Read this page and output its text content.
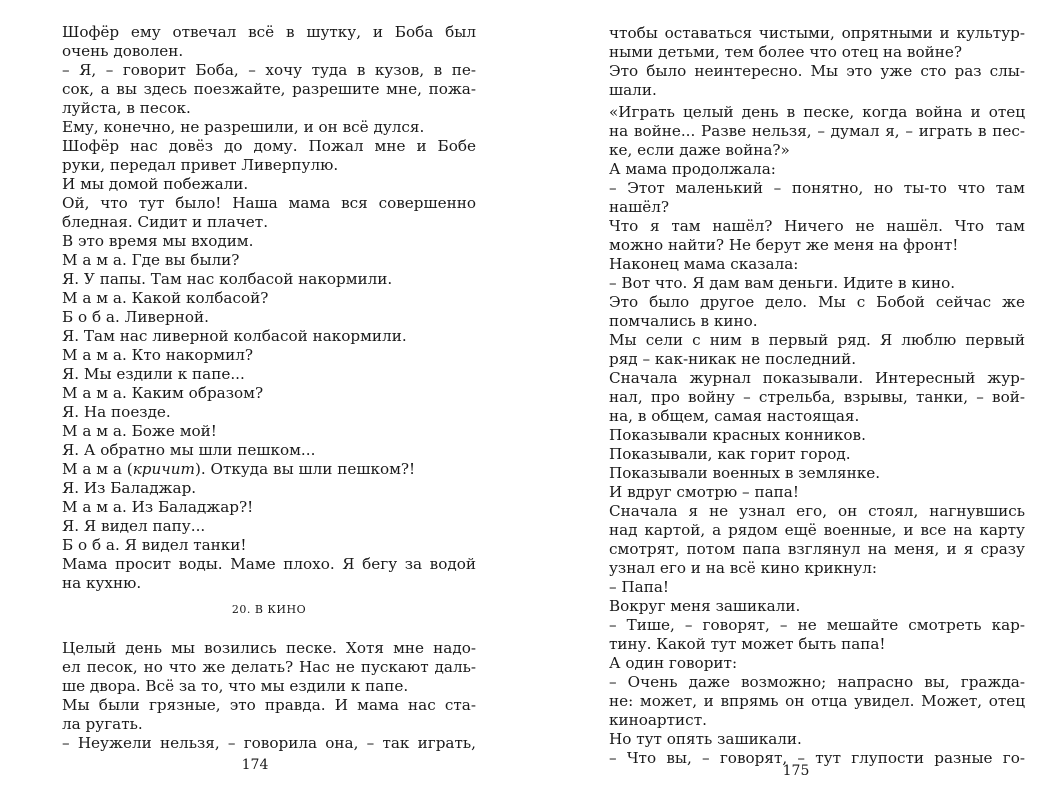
Шофёр ему отвечал всё в шутку, и Боба был
очень доволен.
– Я, – говорит Боба, – хочу туда в кузов, в пе-
сок, а вы здесь поезжайте, разрешите мне, пожа-
луйста, в песок.
Ему, конечно, не разрешили, и он всё дулся.
Шофёр нас довёз до дому. Пожал мне и Бобе
руки, передал привет Ливерпулю.
И мы домой побежали.
Ой, что тут было! Наша мама вся совершенно
бледная. Сидит и плачет.
В это время мы входим.
М а м а. Где вы были?
Я. У папы. Там нас колбасой накормили.
М а м а. Какой колбасой?
Б о б а. Ливерной.
Я. Там нас ливерной колбасой накормили.
М а м а. Кто накормил?
Я. Мы ездили к папе...
М а м а. Каким образом?
Я. На поезде.
М а м а. Боже мой!
Я. А обратно мы шли пешком...
М а м а (кричит). Откуда вы шли пешком?!
Я. Из Баладжар.
М а м а. Из Баладжар?!
Я. Я видел папу...
Б о б а. Я видел танки!
Мама просит воды. Маме плохо. Я бегу за водой
на кухню.
20. В КИНО
Целый день мы возились песке. Хотя мне надо-
ел песок, но что же делать? Нас не пускают даль-
ше двора. Всё за то, что мы ездили к папе.
Мы были грязные, это правда. И мама нас ста-
ла ругать.
– Неужели нельзя, – говорила она, – так играть,
174
чтобы оставаться чистыми, опрятными и культур-
ными детьми, тем более что отец на войне?
Это было неинтересно. Мы это уже сто раз слы-
шали.
«Играть целый день в песке, когда война и отец
на войне... Разве нельзя, – думал я, – играть в пес-
ке, если даже война?»
А мама продолжала:
– Этот маленький – понятно, но ты-то что там
нашёл?
Что я там нашёл? Ничего не нашёл. Что там
можно найти? Не берут же меня на фронт!
Наконец мама сказала:
– Вот что. Я дам вам деньги. Идите в кино.
Это было другое дело. Мы с Бобой сейчас же
помчались в кино.
Мы сели с ним в первый ряд. Я люблю первый
ряд – как-никак не последний.
Сначала журнал показывали. Интересный жур-
нал, про войну – стрельба, взрывы, танки, – вой-
на, в общем, самая настоящая.
Показывали красных конников.
Показывали, как горит город.
Показывали военных в землянке.
И вдруг смотрю – папа!
Сначала я не узнал его, он стоял, нагнувшись
над картой, а рядом ещё военные, и все на карту
смотрят, потом папа взглянул на меня, и я сразу
узнал его и на всё кино крикнул:
– Папа!
Вокруг меня зашикали.
– Тише, – говорят, – не мешайте смотреть кар-
тину. Какой тут может быть папа!
А один говорит:
– Очень даже возможно; напрасно вы, гражда-
не: может, и впрямь он отца увидел. Может, отец
киноартист.
Но тут опять зашикали.
– Что вы, – говорят, – тут глупости разные го-
175
